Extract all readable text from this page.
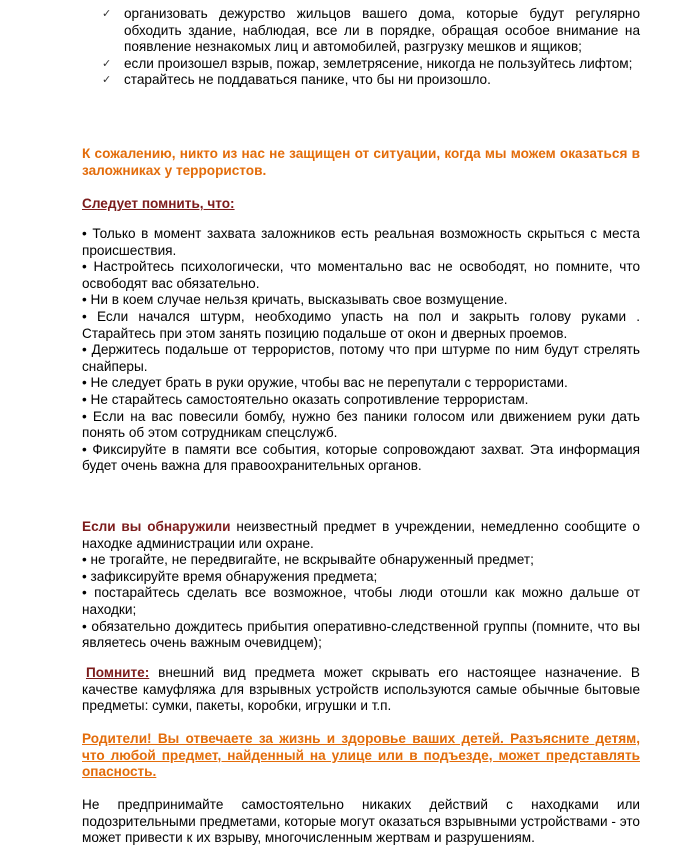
✓ организовать дежурство жильцов вашего дома, которые будут регулярно обходить здание, наблюдая, все ли в порядке, обращая особое внимание на появление незнакомых лиц и автомобилей, разгрузку мешков и ящиков;
✓ если произошел взрыв, пожар, землетрясение, никогда не пользуйтесь лифтом;
✓ старайтесь не поддаваться панике, что бы ни произошло.

К сожалению, никто из нас не защищен от ситуации, когда мы можем оказаться в заложниках у террористов.

Следует помнить, что:

• Только в момент захвата заложников есть реальная возможность скрыться с места происшествия.

• Настройтесь психологически, что моментально вас не освободят, но помните, что освободят вас обязательно.

• Ни в коем случае нельзя кричать, высказывать свое возмущение.

• Если начался штурм, необходимо упасть на пол и закрыть голову руками . Старайтесь при этом занять позицию подальше от окон и дверных проемов.

• Держитесь подальше от террористов, потому что при штурме по ним будут стрелять снайперы.

• Не следует брать в руки оружие, чтобы вас не перепутали с террористами.

• Не старайтесь самостоятельно оказать сопротивление террористам.

• Если на вас повесили бомбу, нужно без паники голосом или движением руки дать понять об этом сотрудникам спецслужб.

• Фиксируйте в памяти все события, которые сопровождают захват. Эта информация будет очень важна для правоохранительных органов.

Если вы обнаружили неизвестный предмет в учреждении, немедленно сообщите о находке администрации или охране.

• не трогайте, не передвигайте, не вскрывайте обнаруженный предмет;

• зафиксируйте время обнаружения предмета;

• постарайтесь сделать все возможное, чтобы люди отошли как можно дальше от находки;

• обязательно дождитесь прибытия оперативно-следственной группы (помните, что вы являетесь очень важным очевидцем);

Помните: внешний вид предмета может скрывать его настоящее назначение. В качестве камуфляжа для взрывных устройств используются самые обычные бытовые предметы: сумки, пакеты, коробки, игрушки и т.п.

Родители! Вы отвечаете за жизнь и здоровье ваших детей. Разъясните детям, что любой предмет, найденный на улице или в подъезде, может представлять опасность.

Не предпринимайте самостоятельно никаких действий с находками или подозрительными предметами, которые могут оказаться взрывными устройствами - это может привести к их взрыву, многочисленным жертвам и разрушениям.
